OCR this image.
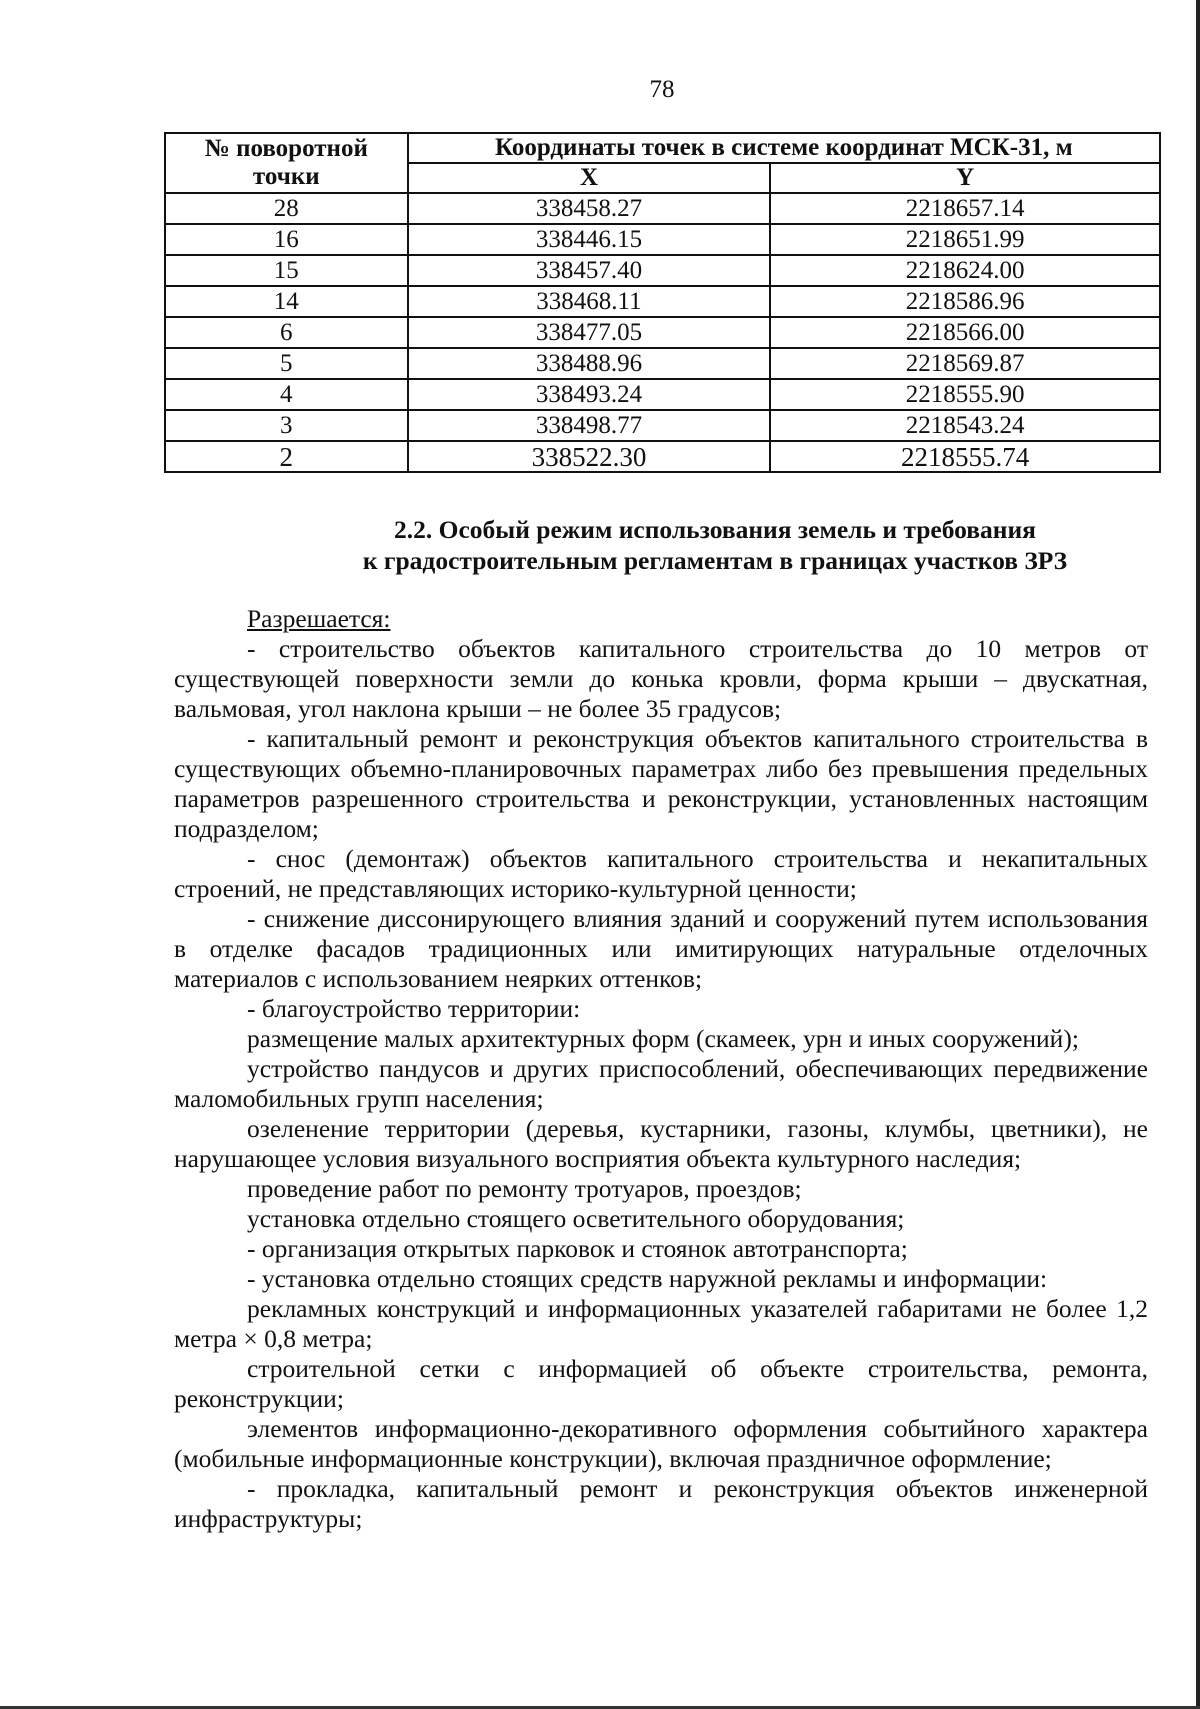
78
№ поворотной
точки	Координаты точек в системе координат МСК-31, м	
	X	Y
28	338458.27	2218657.14
16	338446.15	2218651.99
15	338457.40	2218624.00
14	338468.11	2218586.96
6	338477.05	2218566.00
5	338488.96	2218569.87
4	338493.24	2218555.90
3	338498.77	2218543.24
2	338522.30	2218555.74
2.2. Особый режим использования земель и требования
к градостроительным регламентам в границах участков ЗРЗ

Разрешается:

- строительство объектов капитального строительства до 10 метров от существующей поверхности земли до конька кровли, форма крыши – двускатная, вальмовая, угол наклона крыши – не более 35 градусов;

- капитальный ремонт и реконструкция объектов капитального строительства в существующих объемно-планировочных параметрах либо без превышения предельных параметров разрешенного строительства и реконструкции, установленных настоящим подразделом;

- снос (демонтаж) объектов капитального строительства и некапитальных строений, не представляющих историко-культурной ценности;

- снижение диссонирующего влияния зданий и сооружений путем использования в отделке фасадов традиционных или имитирующих натуральные отделочных материалов с использованием неярких оттенков;

- благоустройство территории:

размещение малых архитектурных форм (скамеек, урн и иных сооружений);

устройство пандусов и других приспособлений, обеспечивающих передвижение маломобильных групп населения;

озеленение территории (деревья, кустарники, газоны, клумбы, цветники), не нарушающее условия визуального восприятия объекта культурного наследия;

проведение работ по ремонту тротуаров, проездов;

установка отдельно стоящего осветительного оборудования;

- организация открытых парковок и стоянок автотранспорта;

- установка отдельно стоящих средств наружной рекламы и информации:

рекламных конструкций и информационных указателей габаритами не более 1,2 метра × 0,8 метра;

строительной сетки с информацией об объекте строительства, ремонта, реконструкции;

элементов информационно-декоративного оформления событийного характера (мобильные информационные конструкции), включая праздничное оформление;

- прокладка, капитальный ремонт и реконструкция объектов инженерной инфраструктуры;
